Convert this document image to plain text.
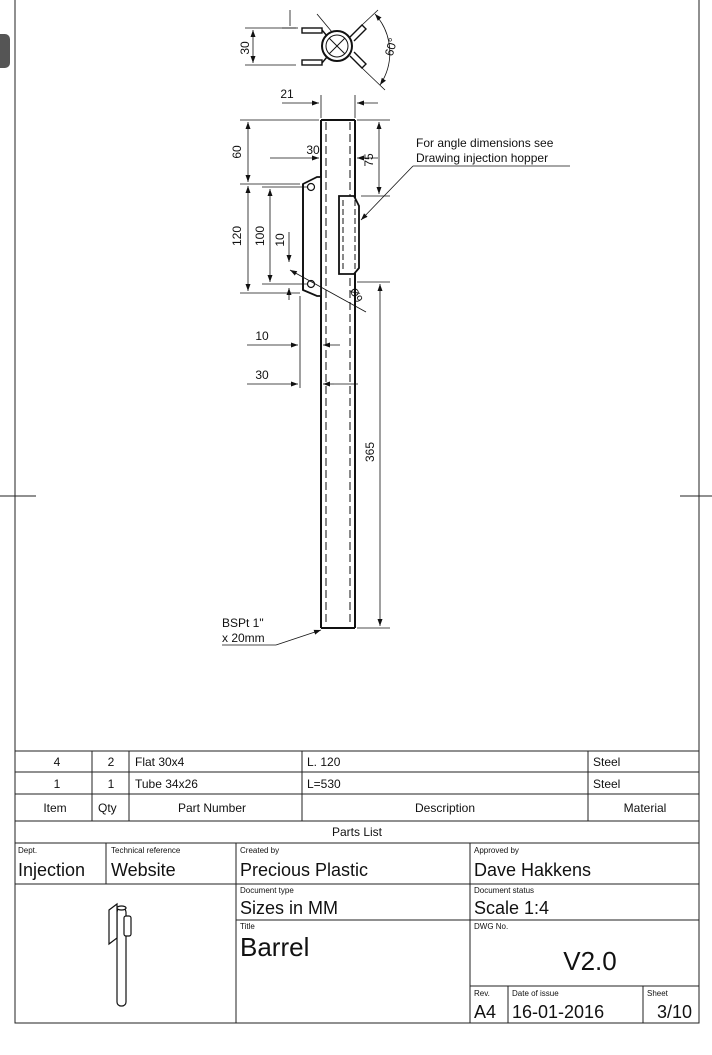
30	60°
21
60	30
75
120 100 10
Ø9
10
30
365
For angle dimensions see
Drawing injection hopper
BSPt 1"
x 20mm
4	2 Flat 30x4	L. 120	Steel
1	1 Tube 34x26	L=530	Steel
Item	Qty	Part Number	Description	Material
Parts List
Dept.
Injection
Technical reference
Website
Created by
Precious Plastic
Approved by
Dave Hakkens
Document type
Sizes in MM
Document status
Scale 1:4
Title
Barrel
DWG No.
V2.0
Rev.
A4
Date of issue
16-01-2016
Sheet
3/10
